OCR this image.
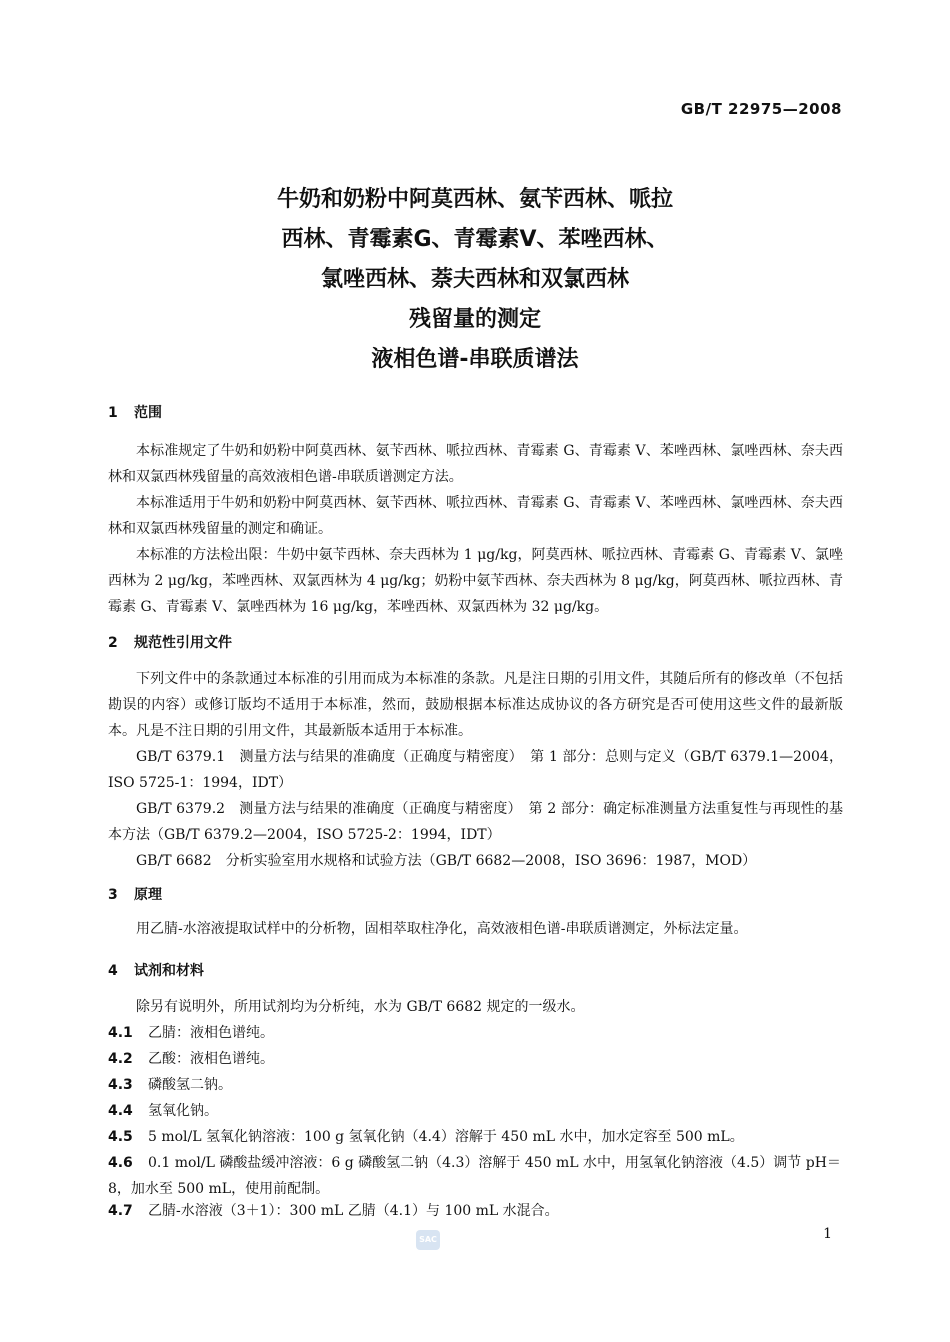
GB/T 22975—2008
牛奶和奶粉中阿莫西林、氨苄西林、哌拉
西林、青霉素G、青霉素V、苯唑西林、
氯唑西林、萘夫西林和双氯西林
残留量的测定
液相色谱-串联质谱法
1 范围

本标准规定了牛奶和奶粉中阿莫西林、氨苄西林、哌拉西林、青霉素 G、青霉素 V、苯唑西林、氯唑西林、奈夫西林和双氯西林残留量的高效液相色谱-串联质谱测定方法。

本标准适用于牛奶和奶粉中阿莫西林、氨苄西林、哌拉西林、青霉素 G、青霉素 V、苯唑西林、氯唑西林、奈夫西林和双氯西林残留量的测定和确证。

本标准的方法检出限：牛奶中氨苄西林、奈夫西林为 1 μg/kg，阿莫西林、哌拉西林、青霉素 G、青霉素 V、氯唑西林为 2 μg/kg，苯唑西林、双氯西林为 4 μg/kg；奶粉中氨苄西林、奈夫西林为 8 μg/kg，阿莫西林、哌拉西林、青霉素 G、青霉素 V、氯唑西林为 16 μg/kg，苯唑西林、双氯西林为 32 μg/kg。

2 规范性引用文件

下列文件中的条款通过本标准的引用而成为本标准的条款。凡是注日期的引用文件，其随后所有的修改单（不包括勘误的内容）或修订版均不适用于本标准，然而，鼓励根据本标准达成协议的各方研究是否可使用这些文件的最新版本。凡是不注日期的引用文件，其最新版本适用于本标准。

GB/T 6379.1　测量方法与结果的准确度（正确度与精密度）　第 1 部分：总则与定义（GB/T 6379.1—2004，ISO 5725-1：1994，IDT）

GB/T 6379.2　测量方法与结果的准确度（正确度与精密度）　第 2 部分：确定标准测量方法重复性与再现性的基本方法（GB/T 6379.2—2004，ISO 5725-2：1994，IDT）

GB/T 6682　分析实验室用水规格和试验方法（GB/T 6682—2008，ISO 3696：1987，MOD）

3 原理

用乙腈-水溶液提取试样中的分析物，固相萃取柱净化，高效液相色谱-串联质谱测定，外标法定量。

4 试剂和材料

除另有说明外，所用试剂均为分析纯，水为 GB/T 6682 规定的一级水。

4.1 乙腈：液相色谱纯。
4.2 乙酸：液相色谱纯。
4.3 磷酸氢二钠。
4.4 氢氧化钠。
4.5 5 mol/L 氢氧化钠溶液：100 g 氢氧化钠（4.4）溶解于 450 mL 水中，加水定容至 500 mL。
4.6 0.1 mol/L 磷酸盐缓冲溶液：6 g 磷酸氢二钠（4.3）溶解于 450 mL 水中，用氢氧化钠溶液（4.5）调节 pH＝8，加水至 500 mL，使用前配制。
4.7 乙腈-水溶液（3＋1）：300 mL 乙腈（4.1）与 100 mL 水混合。
SAC	1
